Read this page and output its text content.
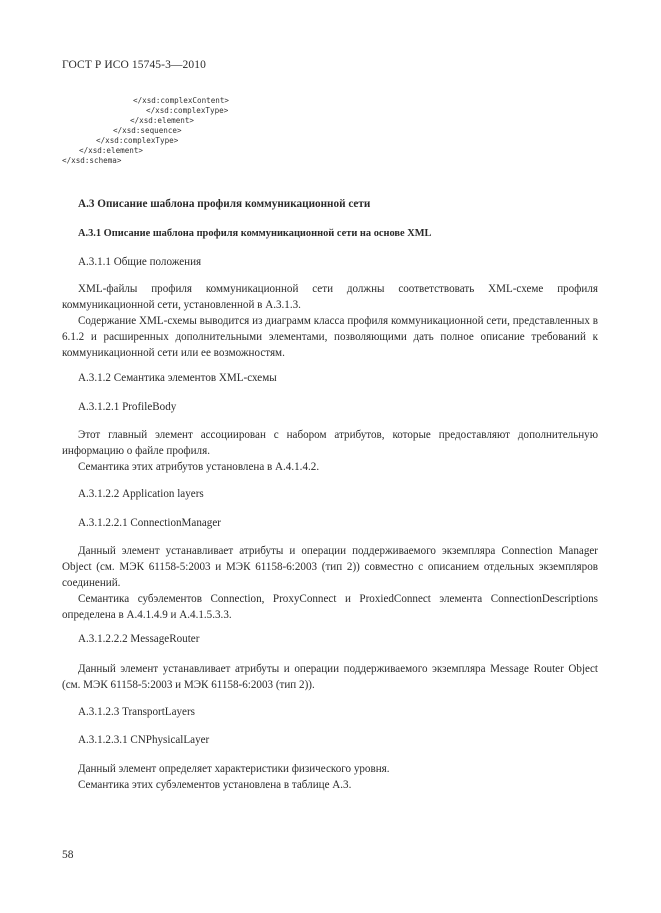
ГОСТ Р ИСО 15745-3—2010
</xsd:complexContent>
</xsd:complexType>
</xsd:element>
</xsd:sequence>
</xsd:complexType>
</xsd:element>
</xsd:schema>
А.3 Описание шаблона профиля коммуникационной сети
А.3.1 Описание шаблона профиля коммуникационной сети на основе XML
А.3.1.1 Общие положения
XML-файлы профиля коммуникационной сети должны соответствовать XML-схеме профиля коммуникационной сети, установленной в А.3.1.3.
Содержание XML-схемы выводится из диаграмм класса профиля коммуникационной сети, представленных в 6.1.2 и расширенных дополнительными элементами, позволяющими дать полное описание требований к коммуникационной сети или ее возможностям.
А.3.1.2 Семантика элементов XML-схемы
А.3.1.2.1 ProfileBody
Этот главный элемент ассоциирован с набором атрибутов, которые предоставляют дополнительную информацию о файле профиля.
Семантика этих атрибутов установлена в А.4.1.4.2.
А.3.1.2.2 Application layers
А.3.1.2.2.1 ConnectionManager
Данный элемент устанавливает атрибуты и операции поддерживаемого экземпляра Connection Manager Object (см. МЭК 61158-5:2003 и МЭК 61158-6:2003 (тип 2)) совместно с описанием отдельных экземпляров соединений.
Семантика субэлементов Connection, ProxyConnect и ProxiedConnect элемента ConnectionDescriptions определена в А.4.1.4.9 и А.4.1.5.3.3.
А.3.1.2.2.2 MessageRouter
Данный элемент устанавливает атрибуты и операции поддерживаемого экземпляра Message Router Object (см. МЭК 61158-5:2003 и МЭК 61158-6:2003 (тип 2)).
А.3.1.2.3 TransportLayers
А.3.1.2.3.1 CNPhysicalLayer
Данный элемент определяет характеристики физического уровня.
Семантика этих субэлементов установлена в таблице А.3.
58
